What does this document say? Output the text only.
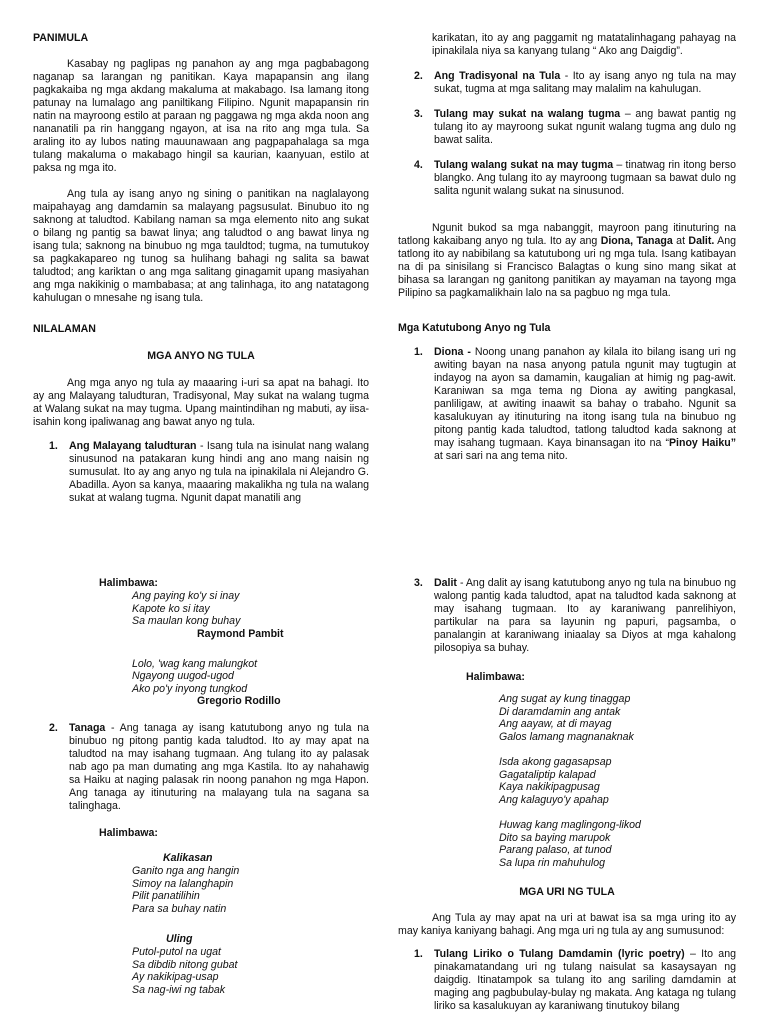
PANIMULA

Kasabay ng paglipas ng panahon ay ang mga pagbabagong naganap sa larangan ng panitikan. Kaya mapapansin ang ilang pagkakaiba ng mga akdang makaluma at makabago. Isa lamang itong patunay na lumalago ang paniltikang Filipino. Ngunit mapapansin rin natin na mayroong estilo at paraan ng paggawa ng mga akda noon ang nananatili pa rin hanggang ngayon, at isa na rito ang mga tula. Sa araling ito ay lubos nating mauunawaan ang pagpapahalaga sa mga tulang makaluma o makabago hingil sa kaurian, kaanyuan, estilo at paksa ng mga ito.

Ang tula ay isang anyo ng sining o panitikan na naglalayong maipahayag ang damdamin sa malayang pagsusulat. Binubuo ito ng saknong at taludtod. Kabilang naman sa mga elemento nito ang sukat o bilang ng pantig sa bawat linya; ang taludtod o ang bawat linya ng isang tula; saknong na binubuo ng mga tauldtod; tugma, na tumutukoy sa pagkakapareo ng tunog sa hulihang bahagi ng salita sa bawat taludtod; ang kariktan o ang mga salitang ginagamit upang masiyahan ang mga nakikinig o mambabasa; at ang talinhaga, ito ang natatagong kahulugan o mnesahe ng isang tula.

NILALAMAN

MGA ANYO NG TULA

Ang mga anyo ng tula ay maaaring i-uri sa apat na bahagi. Ito ay ang Malayang taludturan, Tradisyonal, May sukat na walang tugma at Walang sukat na may tugma. Upang maintindihan ng mabuti, ay iisa-isahin kong ipaliwanag ang bawat anyo ng tula.

1. Ang Malayang taludturan - Isang tula na isinulat nang walang sinusunod na patakaran kung hindi ang ano mang naisin ng sumusulat. Ito ay ang anyo ng tula na ipinakilala ni Alejandro G. Abadilla. Ayon sa kanya, maaaring makalikha ng tula na walang sukat at walang tugma. Ngunit dapat manatili ang

Halimbawa:

Ang paying ko'y si inay
Kapote ko si itay
Sa maulan kong buhay

Raymond Pambit

Lolo, 'wag kang malungkot
Ngayong uugod-ugod
Ako po'y inyong tungkod

Gregorio Rodillo

2. Tanaga - Ang tanaga ay isang katutubong anyo ng tula na binubuo ng pitong pantig kada taludtod. Ito ay may apat na taludtod na may isahang tugmaan. Ang tulang ito ay palasak nab ago pa man dumating ang mga Kastila. Ito ay nahahawig sa Haiku at naging palasak rin noong panahon ng mga Hapon. Ang tanaga ay itinuturing na malayang tula na sagana sa talinghaga.

Halimbawa:

Kalikasan

Ganito nga ang hangin
Simoy na lalanghapin
Pilit panatilihin
Para sa buhay natin

Uling

Putol-putol na ugat
Sa dibdib nitong gubat
Ay nakikipag-usap
Sa nag-iwi ng tabak

karikatan, ito ay ang paggamit ng matatalinhagang pahayag na ipinakilala niya sa kanyang tulang “ Ako ang Daigdig”.

2. Ang Tradisyonal na Tula - Ito ay isang anyo ng tula na may sukat, tugma at mga salitang may malalim na kahulugan.
3. Tulang may sukat na walang tugma – ang bawat pantig ng tulang ito ay mayroong sukat ngunit walang tugma ang dulo ng bawat salita.
4. Tulang walang sukat na may tugma – tinatwag rin itong berso blangko. Ang tulang ito ay mayroong tugmaan sa bawat dulo ng salita ngunit walang sukat na sinusunod.

Ngunit bukod sa mga nabanggit, mayroon pang itinuturing na tatlong kakaibang anyo ng tula. Ito ay ang Diona, Tanaga at Dalit. Ang tatlong ito ay nabibilang sa katutubong uri ng mga tula. Isang katibayan na di pa sinisilang si Francisco Balagtas o kung sino mang sikat at bihasa sa larangan ng ganitong panitikan ay mayaman na tayong mga Pilipino sa pagkamalikhain lalo na sa pagbuo ng mga tula.

Mga Katutubong Anyo ng Tula

1. Diona - Noong unang panahon ay kilala ito bilang isang uri ng awiting bayan na nasa anyong patula ngunit may tugtugin at indayog na ayon sa damamin, kaugalian at himig ng pag-awit. Karaniwan sa mga tema ng Diona ay awiting pangkasal, panliligaw, at awiting inaawit sa bahay o trabaho. Ngunit sa kasalukuyan ay itinuturing na itong isang tula na binubuo ng pitong pantig kada taludtod, tatlong taludtod kada saknong at may isahang tugmaan. Kaya binansagan ito na “Pinoy Haiku” at sari sari na ang tema nito.
3. Dalit - Ang dalit ay isang katutubong anyo ng tula na binubuo ng walong pantig kada taludtod, apat na taludtod kada saknong at may isahang tugmaan. Ito ay karaniwang panrelihiyon, partikular na para sa layunin ng papuri, pagsamba, o panalangin at karaniwang iniaalay sa Diyos at mga kahalong pilosopiya sa buhay.

Halimbawa:

Ang sugat ay kung tinaggap
Di daramdamin ang antak
Ang aayaw, at di mayag
Galos lamang magnanaknak
Isda akong gagasapsap
Gagataliptip kalapad
Kaya nakikipagpusag
Ang kalaguyo'y apahap
Huwag kang maglingong-likod
Dito sa baying marupok
Parang palaso, at tunod
Sa lupa rin mahuhulog

MGA URI NG TULA

Ang Tula ay may apat na uri at bawat isa sa mga uring ito ay may kaniya kaniyang bahagi. Ang mga uri ng tula ay ang sumusunod:

1. Tulang Liriko o Tulang Damdamin (lyric poetry) – Ito ang pinakamatandang uri ng tulang naisulat sa kasaysayan ng daigdig. Itinatampok sa tulang ito ang sariling damdamin at maging ang pagbubulay-bulay ng makata. Ang kataga ng tulang liriko sa kasalukuyan ay karaniwang tinutukoy bilang
